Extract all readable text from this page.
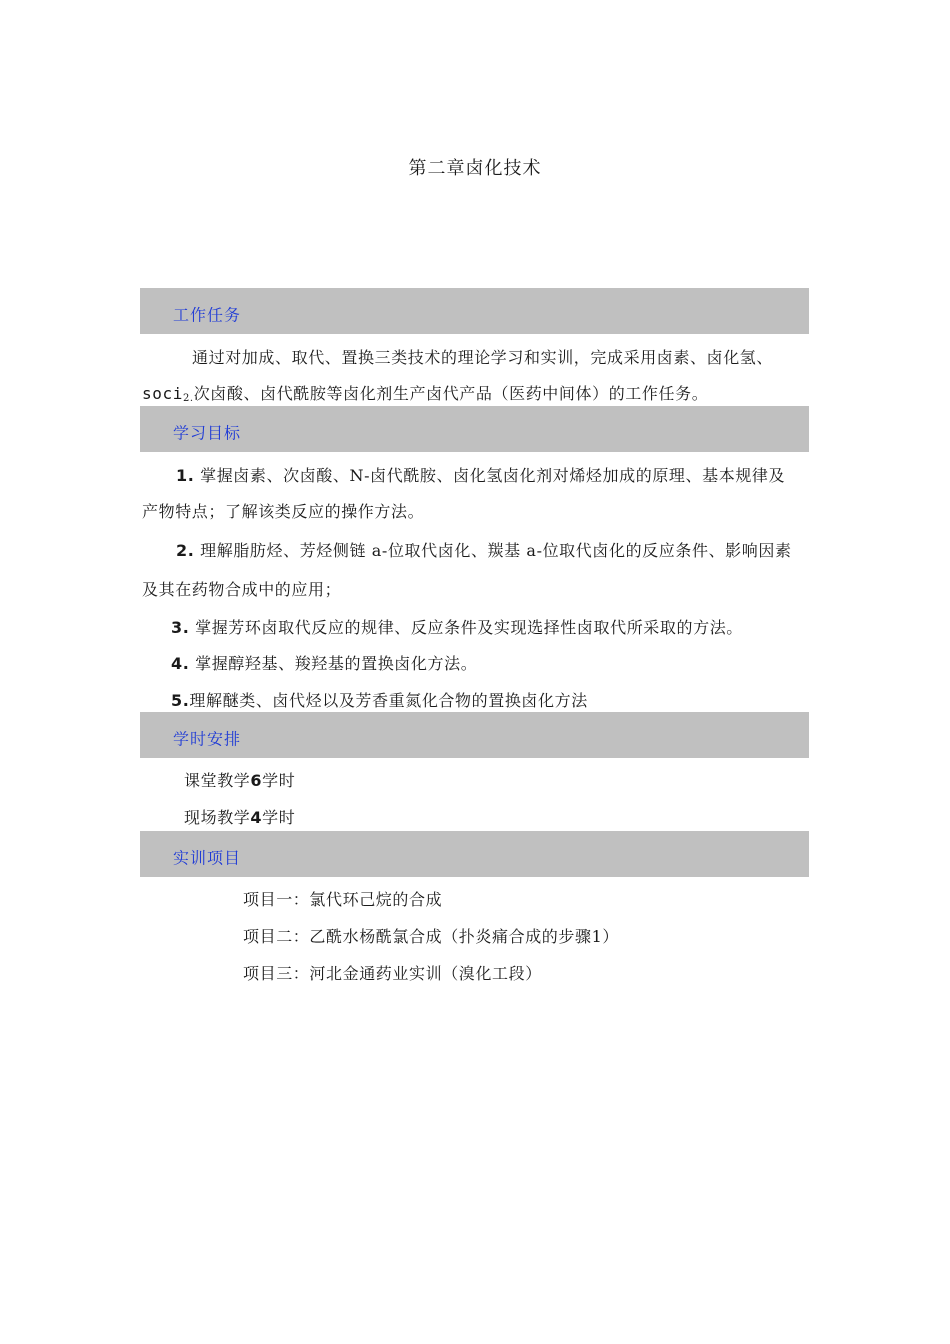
第二章卤化技术
工作任务
通过对加成、取代、置换三类技术的理论学习和实训，完成采用卤素、卤化氢、
soci$_{2.}$次卤酸、卤代酰胺等卤化剂生产卤代产品（医药中间体）的工作任务。
学习目标
1. 掌握卤素、次卤酸、N-卤代酰胺、卤化氢卤化剂对烯烃加成的原理、基本规律及
产物特点；了解该类反应的操作方法。
2. 理解脂肪烃、芳烃侧链 a-位取代卤化、羰基 a-位取代卤化的反应条件、影响因素
及其在药物合成中的应用；
3. 掌握芳环卤取代反应的规律、反应条件及实现选择性卤取代所采取的方法。
4. 掌握醇羟基、羧羟基的置换卤化方法。
5.理解醚类、卤代烃以及芳香重氮化合物的置换卤化方法
学时安排
课堂教学6学时
现场教学4学时
实训项目
项目一：氯代环己烷的合成
项目二：乙酰水杨酰氯合成（扑炎痛合成的步骤1）
项目三：河北金通药业实训（溴化工段）
